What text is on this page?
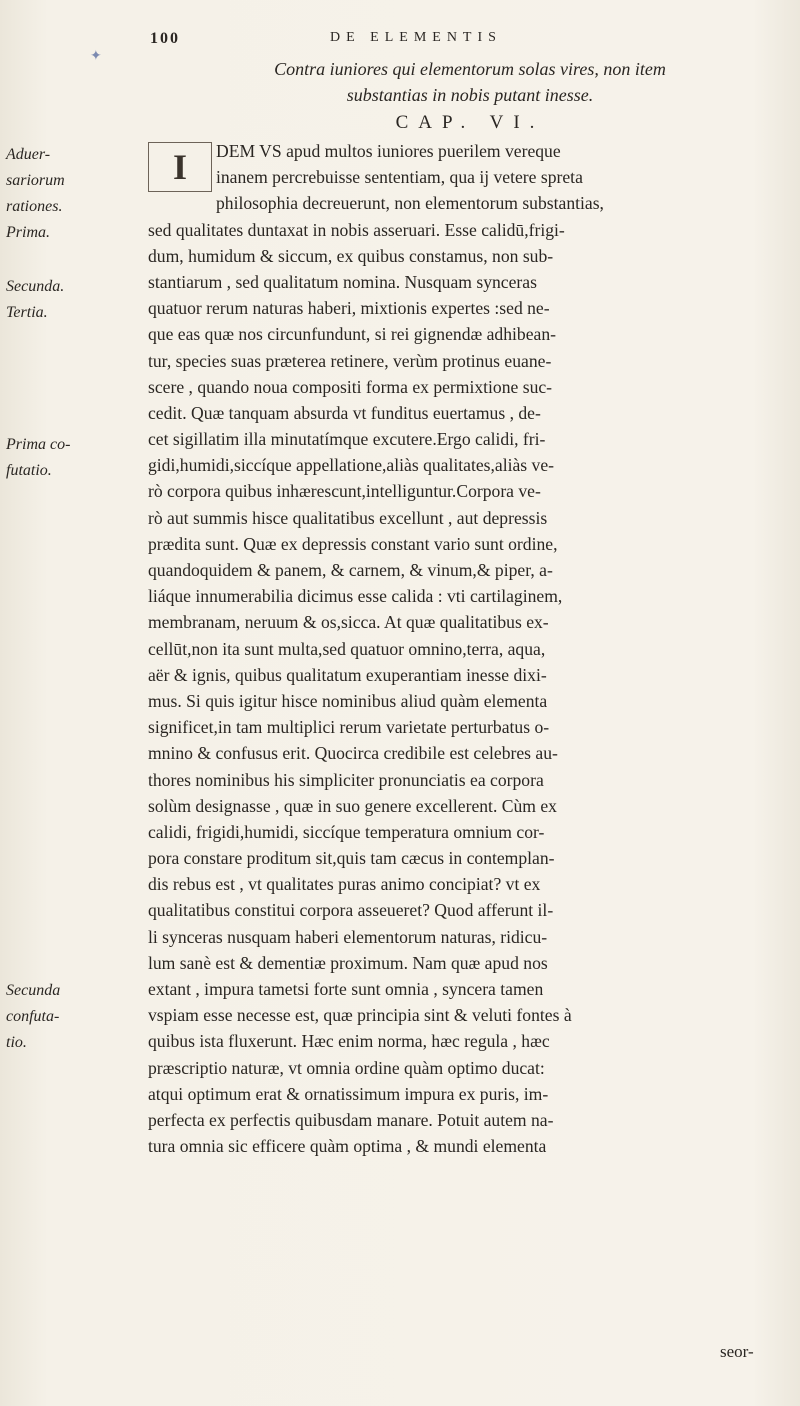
✦
100	DE ELEMENTIS
Contra iuniores qui elementorum solas vires, non item
substantias in nobis putant inesse.
CAP. VI.
Aduer-
sariorum
rationes.
Prima.
Secunda.
Tertia.
Prima co-
futatio.
Secunda
confuta-
tio.
I	DEM VS apud multos iuniores puerilem vereque
inanem percrebuisse sententiam, qua ij vetere spreta
philosophia decreuerunt, non elementorum substantias,
sed qualitates duntaxat in nobis asseruari. Esse calidū,frigi-
dum, humidum & siccum, ex quibus constamus, non sub-
stantiarum , sed qualitatum nomina. Nusquam synceras
quatuor rerum naturas haberi, mixtionis expertes :sed ne-
que eas quæ nos circunfundunt, si rei gignendæ adhibean-
tur, species suas præterea retinere, verùm protinus euane-
scere , quando noua compositi forma ex permixtione suc-
cedit. Quæ tanquam absurda vt funditus euertamus , de-
cet sigillatim illa minutatímque excutere.Ergo calidi, fri-
gidi,humidi,siccíque appellatione,aliàs qualitates,aliàs ve-
rò corpora quibus inhærescunt,intelliguntur.Corpora ve-
rò aut summis hisce qualitatibus excellunt , aut depressis
prædita sunt. Quæ ex depressis constant vario sunt ordine,
quandoquidem & panem, & carnem, & vinum,& piper, a-
liáque innumerabilia dicimus esse calida : vti cartilaginem,
membranam, neruum & os,sicca. At quæ qualitatibus ex-
cellūt,non ita sunt multa,sed quatuor omnino,terra, aqua,
aër & ignis, quibus qualitatum exuperantiam inesse dixi-
mus. Si quis igitur hisce nominibus aliud quàm elementa
significet,in tam multiplici rerum varietate perturbatus o-
mnino & confusus erit. Quocirca credibile est celebres au-
thores nominibus his simpliciter pronunciatis ea corpora
solùm designasse , quæ in suo genere excellerent. Cùm ex
calidi, frigidi,humidi, siccíque temperatura omnium cor-
pora constare proditum sit,quis tam cæcus in contemplan-
dis rebus est , vt qualitates puras animo concipiat? vt ex
qualitatibus constitui corpora asseueret? Quod afferunt il-
li synceras nusquam haberi elementorum naturas, ridicu-
lum sanè est & dementiæ proximum. Nam quæ apud nos
extant , impura tametsi forte sunt omnia , syncera tamen
vspiam esse necesse est, quæ principia sint & veluti fontes à
quibus ista fluxerunt. Hæc enim norma, hæc regula , hæc
præscriptio naturæ, vt omnia ordine quàm optimo ducat:
atqui optimum erat & ornatissimum impura ex puris, im-
perfecta ex perfectis quibusdam manare. Potuit autem na-
tura omnia sic efficere quàm optima , & mundi elementa
seor-
